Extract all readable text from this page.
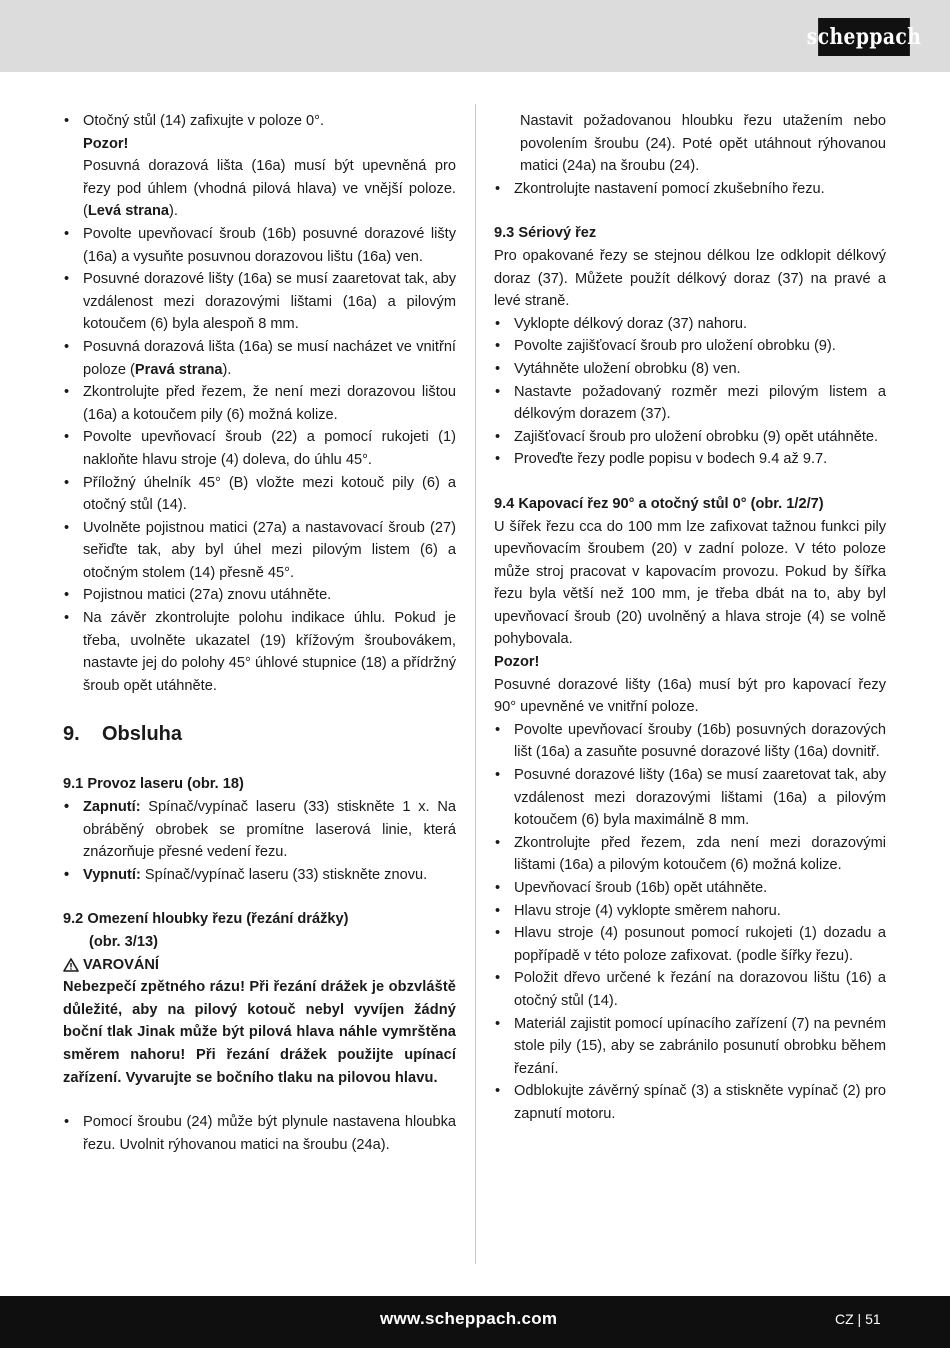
scheppach
• Otočný stůl (14) zafixujte v poloze 0°.
Pozor!
Posuvná dorazová lišta (16a) musí být upevněná pro řezy pod úhlem (vhodná pilová hlava) ve vnější poloze. (Levá strana).
• Povolte upevňovací šroub (16b) posuvné dorazové lišty (16a) a vysuňte posuvnou dorazovou lištu (16a) ven.
• Posuvné dorazové lišty (16a) se musí zaaretovat tak, aby vzdálenost mezi dorazovými lištami (16a) a pilovým kotoučem (6) byla alespoň 8 mm.
• Posuvná dorazová lišta (16a) se musí nacházet ve vnitřní poloze (Pravá strana).
• Zkontrolujte před řezem, že není mezi dorazovou lištou (16a) a kotoučem pily (6) možná kolize.
• Povolte upevňovací šroub (22) a pomocí rukojeti (1) nakloňte hlavu stroje (4) doleva, do úhlu 45°.
• Příložný úhelník 45° (B) vložte mezi kotouč pily (6) a otočný stůl (14).
• Uvolněte pojistnou matici (27a) a nastavovací šroub (27) seřiďte tak, aby byl úhel mezi pilovým listem (6) a otočným stolem (14) přesně 45°.
• Pojistnou matici (27a) znovu utáhněte.
• Na závěr zkontrolujte polohu indikace úhlu. Pokud je třeba, uvolněte ukazatel (19) křížovým šroubovákem, nastavte jej do polohy 45° úhlové stupnice (18) a přídržný šroub opět utáhněte.
9. Obsluha

9.1 Provoz laseru (obr. 18)

• Zapnutí: Spínač/vypínač laseru (33) stiskněte 1 x. Na obráběný obrobek se promítne laserová linie, která znázorňuje přesné vedení řezu.
• Vypnutí: Spínač/vypínač laseru (33) stiskněte znovu.

9.2 Omezení hloubky řezu (řezání drážky)

(obr. 3/13)

VAROVÁNÍ

Nebezpečí zpětného rázu! Při řezání drážek je obzvláště důležité, aby na pilový kotouč nebyl vyvíjen žádný boční tlak Jinak může být pilová hlava náhle vymrštěna směrem nahoru! Při řezání drážek použijte upínací zařízení. Vyvarujte se bočního tlaku na pilovou hlavu.

• Pomocí šroubu (24) může být plynule nastavena hloubka řezu. Uvolnit rýhovanou matici na šroubu (24a).

Nastavit požadovanou hloubku řezu utažením nebo povolením šroubu (24). Poté opět utáhnout rýhovanou matici (24a) na šroubu (24).

• Zkontrolujte nastavení pomocí zkušebního řezu.

9.3 Sériový řez

Pro opakované řezy se stejnou délkou lze odklopit délkový doraz (37). Můžete použít délkový doraz (37) na pravé a levé straně.

• Vyklopte délkový doraz (37) nahoru.
• Povolte zajišťovací šroub pro uložení obrobku (9).
• Vytáhněte uložení obrobku (8) ven.
• Nastavte požadovaný rozměr mezi pilovým listem a délkovým dorazem (37).
• Zajišťovací šroub pro uložení obrobku (9) opět utáhněte.
• Proveďte řezy podle popisu v bodech 9.4 až 9.7.

9.4 Kapovací řez 90° a otočný stůl 0° (obr. 1/2/7)

U šířek řezu cca do 100 mm lze zafixovat tažnou funkci pily upevňovacím šroubem (20) v zadní poloze. V této poloze může stroj pracovat v kapovacím provozu. Pokud by šířka řezu byla větší než 100 mm, je třeba dbát na to, aby byl upevňovací šroub (20) uvolněný a hlava stroje (4) se volně pohybovala.

Pozor!

Posuvné dorazové lišty (16a) musí být pro kapovací řezy 90° upevněné ve vnitřní poloze.

• Povolte upevňovací šrouby (16b) posuvných dorazových lišt (16a) a zasuňte posuvné dorazové lišty (16a) dovnitř.
• Posuvné dorazové lišty (16a) se musí zaaretovat tak, aby vzdálenost mezi dorazovými lištami (16a) a pilovým kotoučem (6) byla maximálně 8 mm.
• Zkontrolujte před řezem, zda není mezi dorazovými lištami (16a) a pilovým kotoučem (6) možná kolize.
• Upevňovací šroub (16b) opět utáhněte.
• Hlavu stroje (4) vyklopte směrem nahoru.
• Hlavu stroje (4) posunout pomocí rukojeti (1) dozadu a popřípadě v této poloze zafixovat. (podle šířky řezu).
• Položit dřevo určené k řezání na dorazovou lištu (16) a otočný stůl (14).
• Materiál zajistit pomocí upínacího zařízení (7) na pevném stole pily (15), aby se zabránilo posunutí obrobku během řezání.
• Odblokujte závěrný spínač (3) a stiskněte vypínač (2) pro zapnutí motoru.
www.scheppach.com	CZ | 51
